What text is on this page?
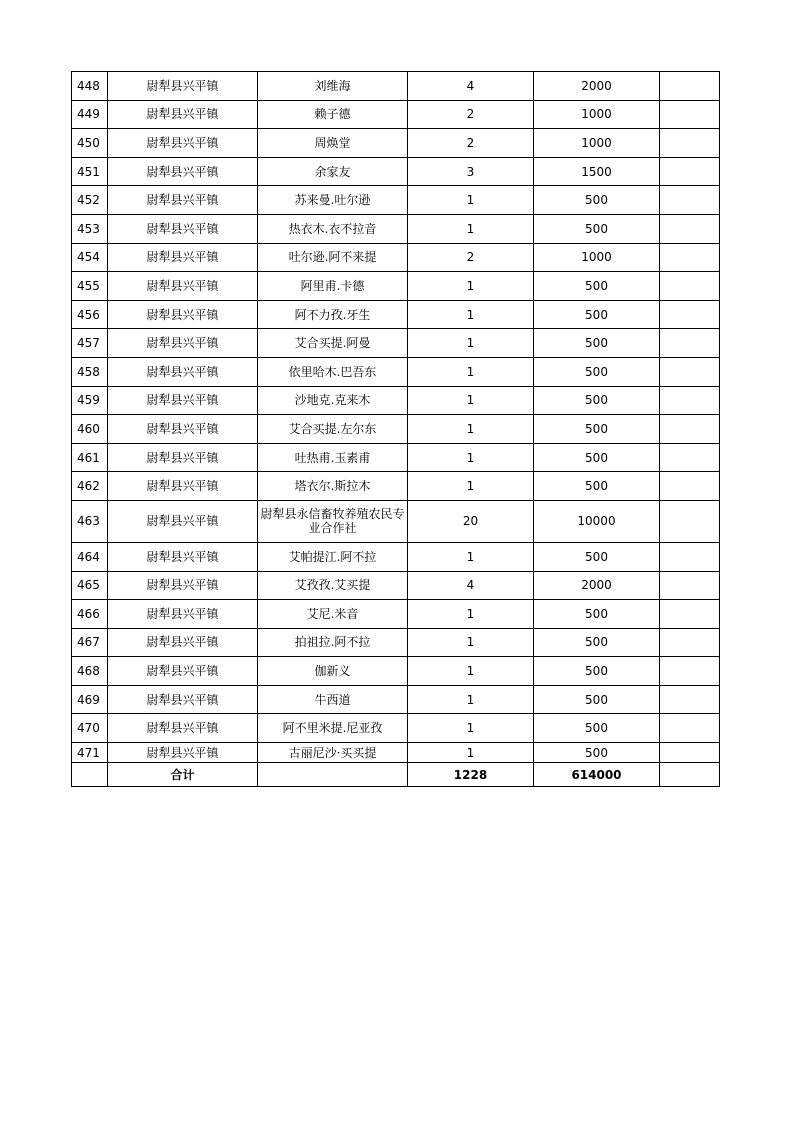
448	尉犁县兴平镇	刘维海	4	2000	
449	尉犁县兴平镇	赖子德	2	1000	
450	尉犁县兴平镇	周焕堂	2	1000	
451	尉犁县兴平镇	余家友	3	1500	
452	尉犁县兴平镇	苏来曼.吐尔逊	1	500	
453	尉犁县兴平镇	热衣木.衣不拉音	1	500	
454	尉犁县兴平镇	吐尔逊.阿不来提	2	1000	
455	尉犁县兴平镇	阿里甫.卡德	1	500	
456	尉犁县兴平镇	阿不力孜.牙生	1	500	
457	尉犁县兴平镇	艾合买提.阿曼	1	500	
458	尉犁县兴平镇	依里哈木.巴吾东	1	500	
459	尉犁县兴平镇	沙地克.克来木	1	500	
460	尉犁县兴平镇	艾合买提.左尔东	1	500	
461	尉犁县兴平镇	吐热甫.玉素甫	1	500	
462	尉犁县兴平镇	塔衣尔.斯拉木	1	500	
463	尉犁县兴平镇	尉犁县永信畜牧养殖农民专业合作社	20	10000	
464	尉犁县兴平镇	艾帕提江.阿不拉	1	500	
465	尉犁县兴平镇	艾孜孜.艾买提	4	2000	
466	尉犁县兴平镇	艾尼.米音	1	500	
467	尉犁县兴平镇	拍祖拉.阿不拉	1	500	
468	尉犁县兴平镇	伽新义	1	500	
469	尉犁县兴平镇	牛西道	1	500	
470	尉犁县兴平镇	阿不里米提.尼亚孜	1	500	
471	尉犁县兴平镇	古丽尼沙·买买提	1	500	
	合计		1228	614000	
